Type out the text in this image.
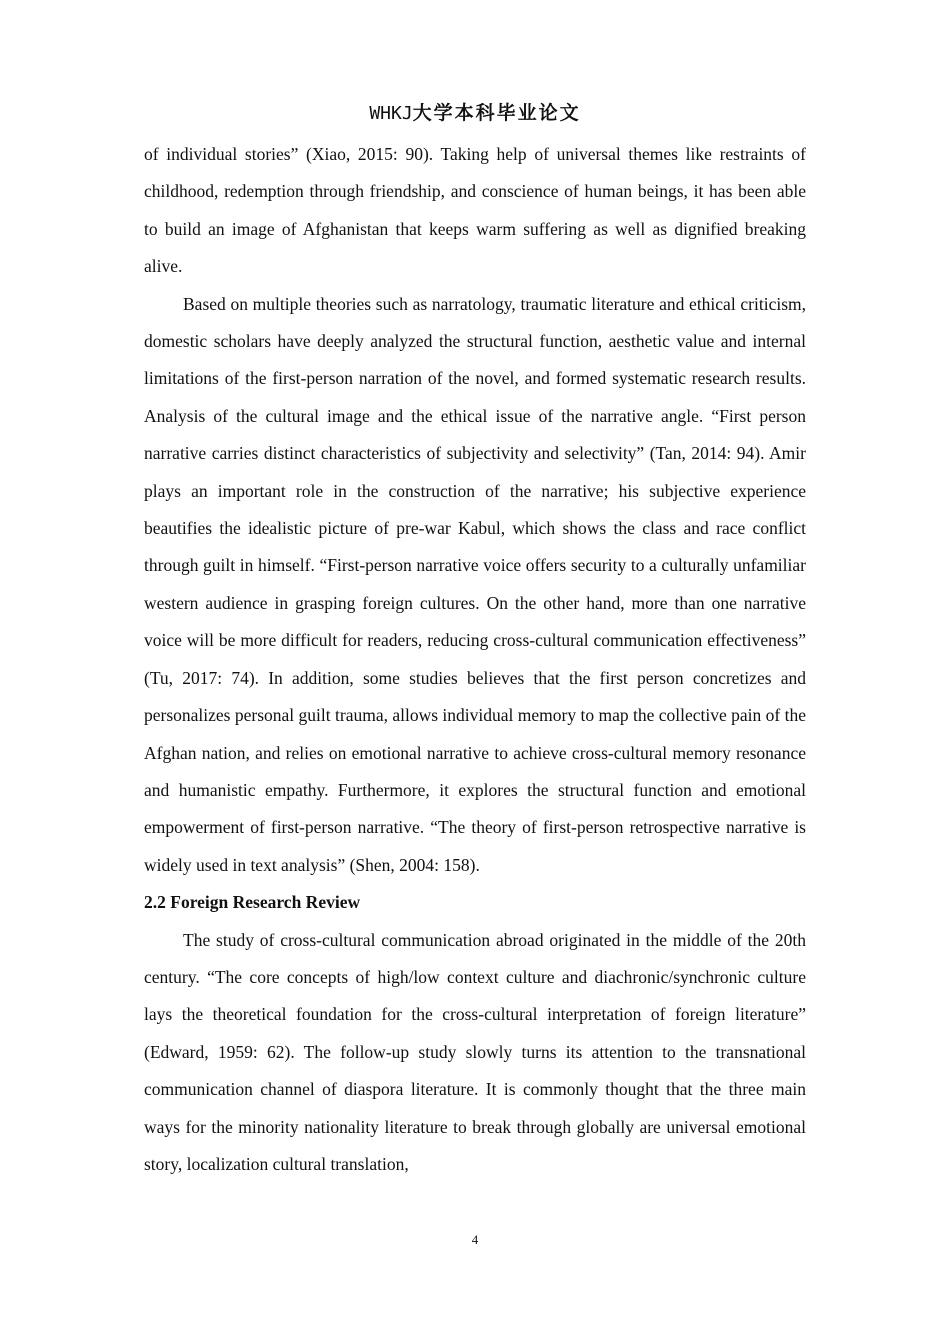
WHKJ大学本科毕业论文

of individual stories” (Xiao, 2015: 90). Taking help of universal themes like restraints of childhood, redemption through friendship, and conscience of human beings, it has been able to build an image of Afghanistan that keeps warm suffering as well as dignified breaking alive.

Based on multiple theories such as narratology, traumatic literature and ethical criticism, domestic scholars have deeply analyzed the structural function, aesthetic value and internal limitations of the first-person narration of the novel, and formed systematic research results. Analysis of the cultural image and the ethical issue of the narrative angle. “First person narrative carries distinct characteristics of subjectivity and selectivity” (Tan, 2014: 94). Amir plays an important role in the construction of the narrative; his subjective experience beautifies the idealistic picture of pre-war Kabul, which shows the class and race conflict through guilt in himself. “First-person narrative voice offers security to a culturally unfamiliar western audience in grasping foreign cultures. On the other hand, more than one narrative voice will be more difficult for readers, reducing cross-cultural communication effectiveness” (Tu, 2017: 74). In addition, some studies believes that the first person concretizes and personalizes personal guilt trauma, allows individual memory to map the collective pain of the Afghan nation, and relies on emotional narrative to achieve cross-cultural memory resonance and humanistic empathy. Furthermore, it explores the structural function and emotional empowerment of first-person narrative. “The theory of first-person retrospective narrative is widely used in text analysis” (Shen, 2004: 158).

2.2 Foreign Research Review

The study of cross-cultural communication abroad originated in the middle of the 20th century. “The core concepts of high/low context culture and diachronic/synchronic culture lays the theoretical foundation for the cross-cultural interpretation of foreign literature” (Edward, 1959: 62). The follow-up study slowly turns its attention to the transnational communication channel of diaspora literature. It is commonly thought that the three main ways for the minority nationality literature to break through globally are universal emotional story, localization cultural translation,

4
